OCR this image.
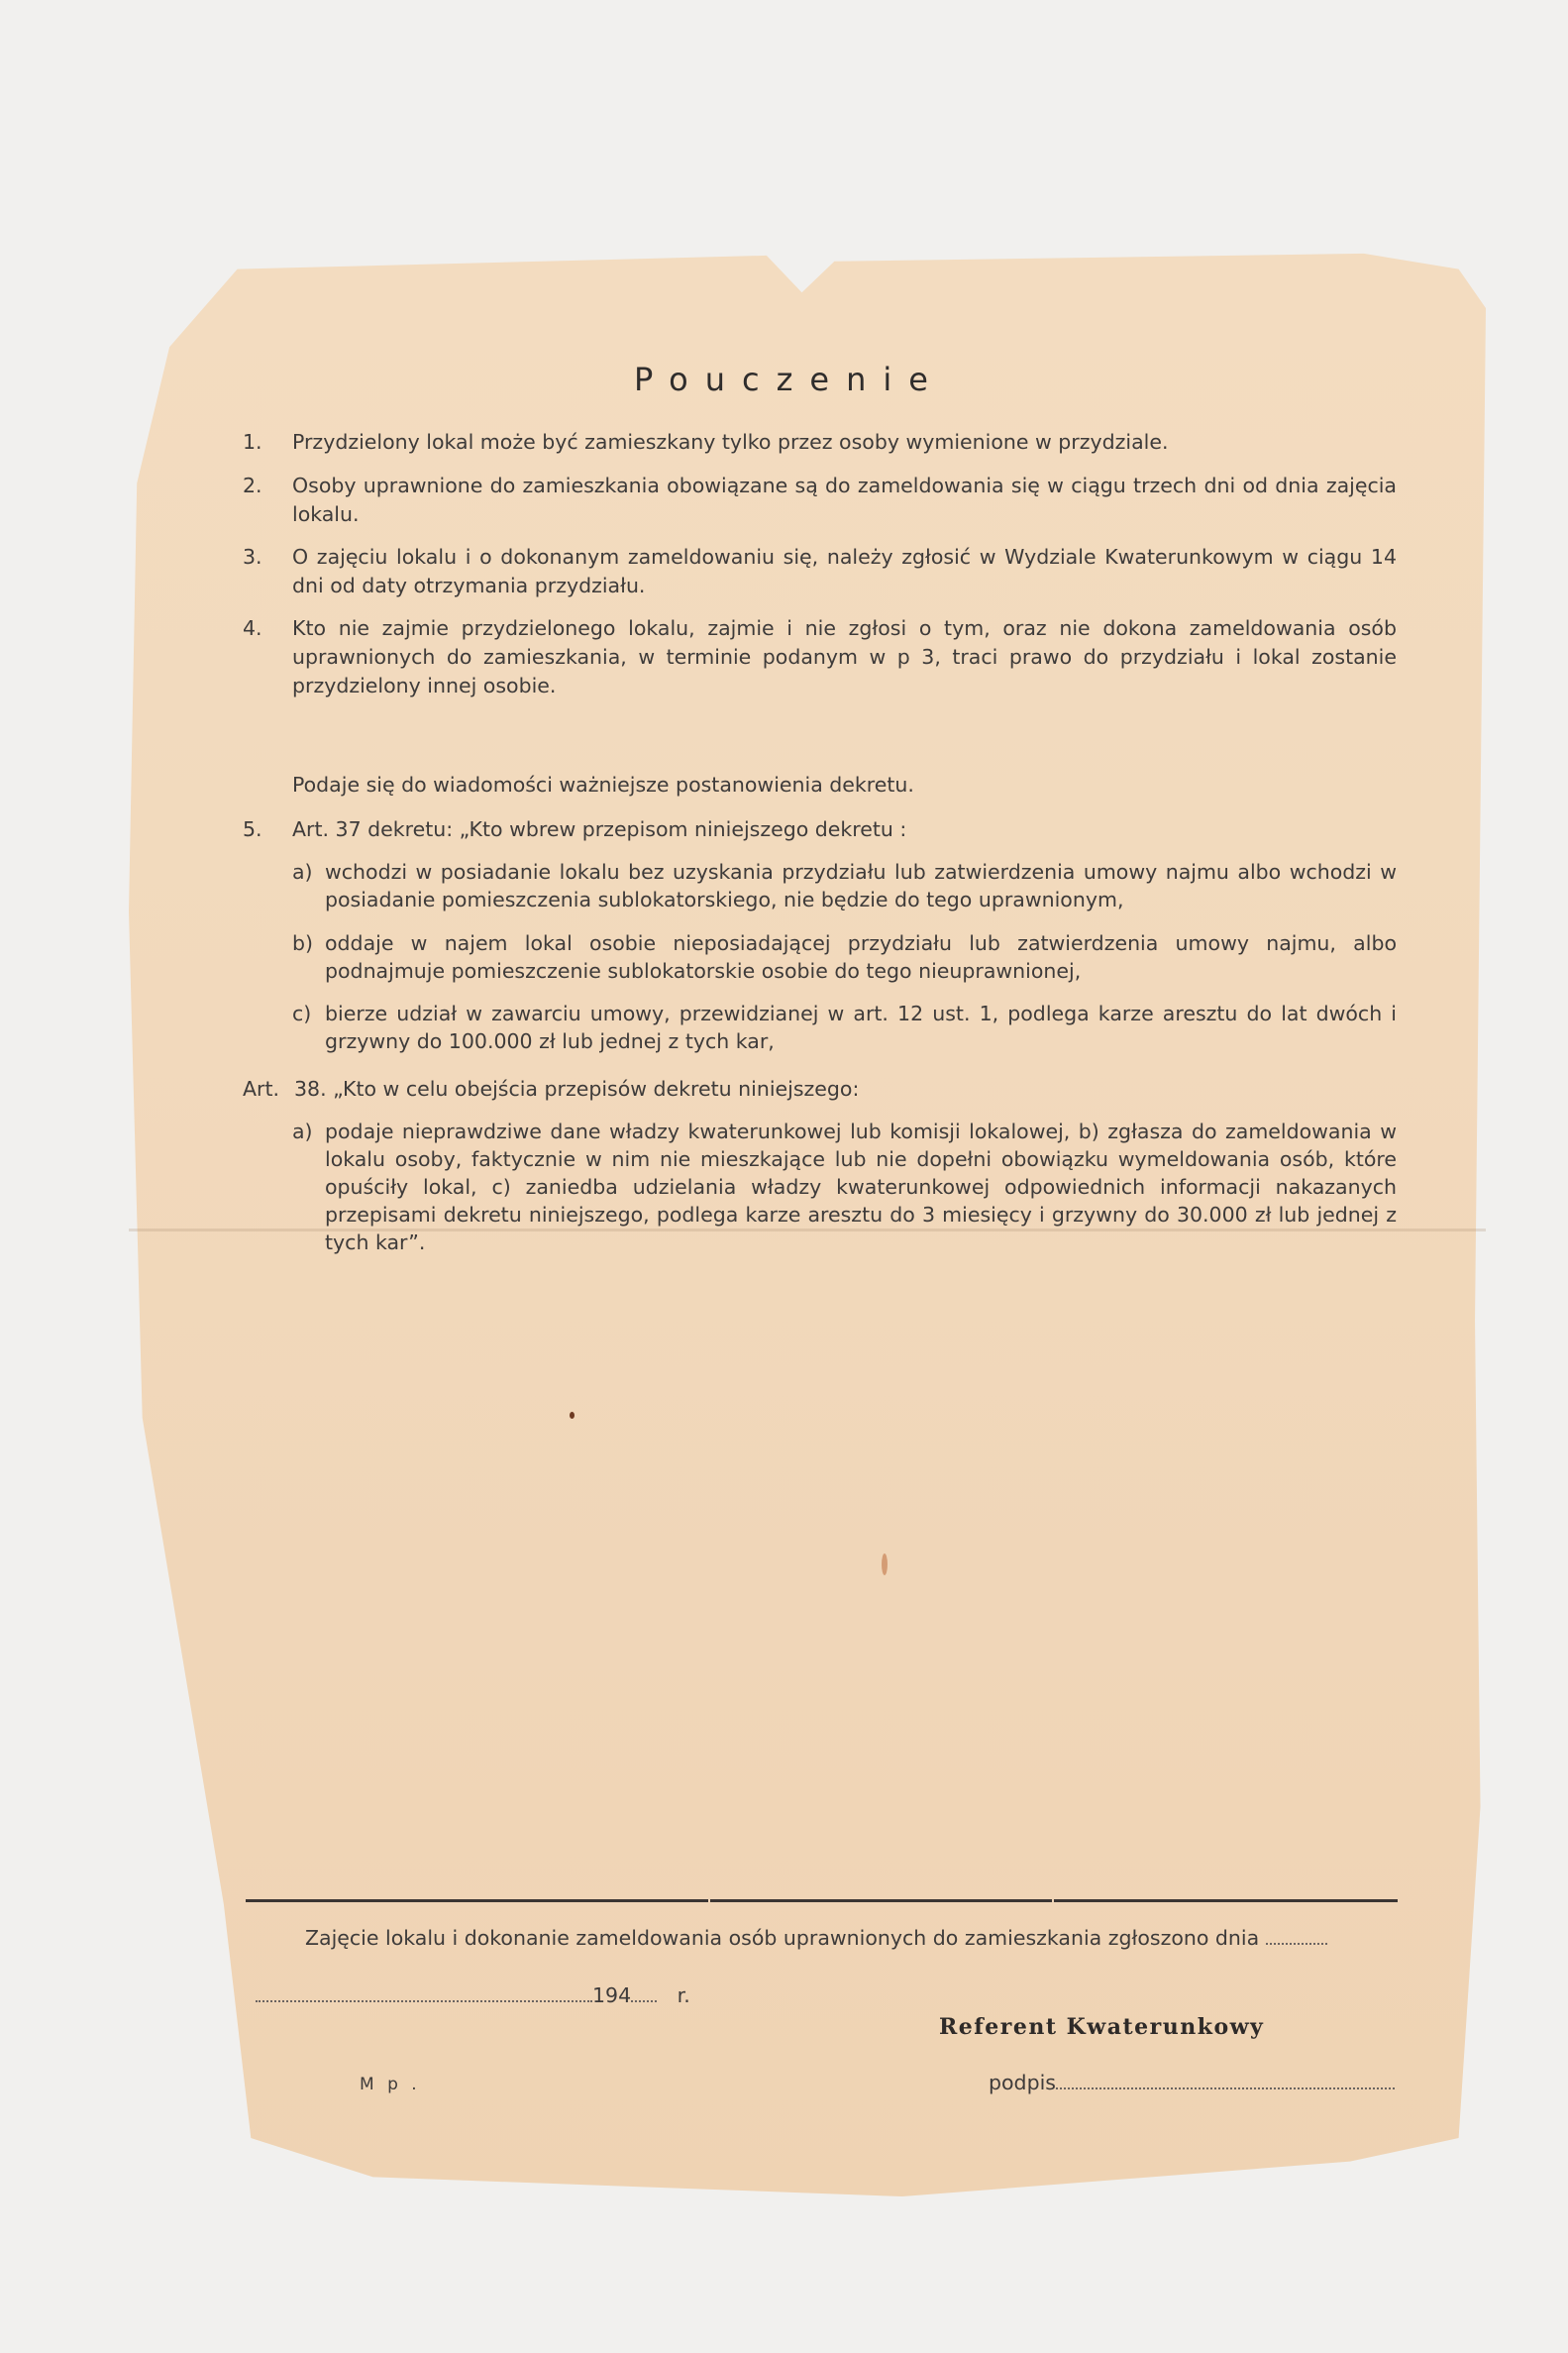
Pouczenie
1. Przydzielony lokal może być zamieszkany tylko przez osoby wymienione w przydziale.
2. Osoby uprawnione do zamieszkania obowiązane są do zameldowania się w ciągu trzech dni od dnia zajęcia lokalu.
3. O zajęciu lokalu i o dokonanym zameldowaniu się, należy zgłosić w Wydziale Kwaterunkowym w ciągu 14 dni od daty otrzymania przydziału.
4. Kto nie zajmie przydzielonego lokalu, zajmie i nie zgłosi o tym, oraz nie dokona zameldowania osób uprawnionych do zamieszkania, w terminie podanym w p 3, traci prawo do przydziału i lokal zostanie przydzielony innej osobie.
Podaje się do wiadomości ważniejsze postanowienia dekretu.
5. Art. 37 dekretu: „Kto wbrew przepisom niniejszego dekretu :
a) wchodzi w posiadanie lokalu bez uzyskania przydziału lub zatwierdzenia umowy najmu albo wchodzi w posiadanie pomieszczenia sublokatorskiego, nie będzie do tego uprawnionym,
b) oddaje w najem lokal osobie nieposiadającej przydziału lub zatwierdzenia umowy najmu, albo podnajmuje pomieszczenie sublokatorskie osobie do tego nieuprawnionej,
c) bierze udział w zawarciu umowy, przewidzianej w art. 12 ust. 1, podlega karze aresztu do lat dwóch i grzywny do 100.000 zł lub jednej z tych kar,
Art. 38. „Kto w celu obejścia przepisów dekretu niniejszego:
a) podaje nieprawdziwe dane władzy kwaterunkowej lub komisji lokalowej, b) zgłasza do zameldowania w lokalu osoby, faktycznie w nim nie mieszkające lub nie dopełni obowiązku wymeldowania osób, które opuściły lokal, c) zaniedba udzielania władzy kwaterunkowej odpowiednich informacji nakazanych przepisami dekretu niniejszego, podlega karze aresztu do 3 miesięcy i grzywny do 30.000 zł lub jednej z tych kar”.
Zajęcie lokalu i dokonanie zameldowania osób uprawnionych do zamieszkania zgłoszono dnia
194 r.
Referent Kwaterunkowy
M p .	podpis
